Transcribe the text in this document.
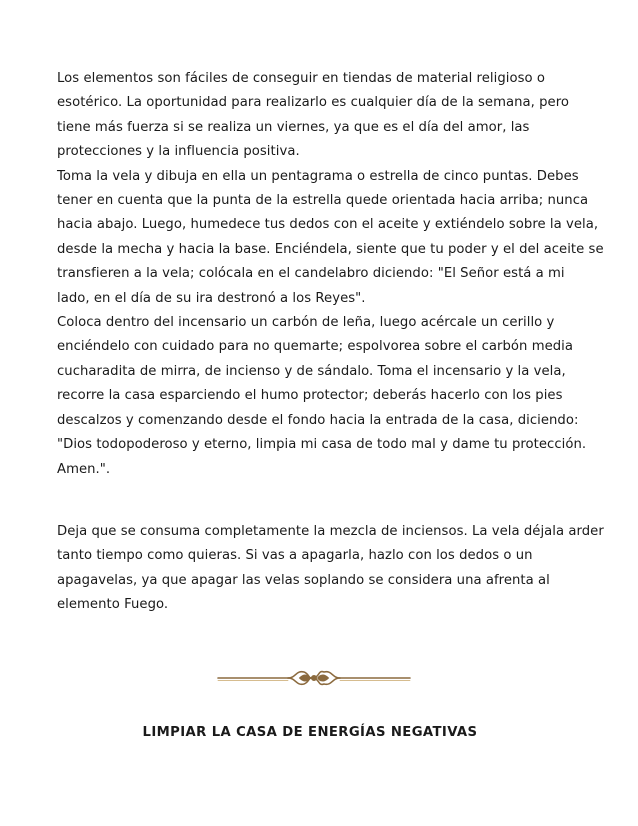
Los elementos son fáciles de conseguir en tiendas de material religioso o
esotérico. La oportunidad para realizarlo es cualquier día de la semana, pero
tiene más fuerza si se realiza un viernes, ya que es el día del amor, las
protecciones y la influencia positiva.
Toma la vela y dibuja en ella un pentagrama o estrella de cinco puntas. Debes
tener en cuenta que la punta de la estrella quede orientada hacia arriba; nunca
hacia abajo. Luego, humedece tus dedos con el aceite y extiéndelo sobre la vela,
desde la mecha y hacia la base. Enciéndela, siente que tu poder y el del aceite se
transfieren a la vela; colócala en el candelabro diciendo: "El Señor está a mi
lado, en el día de su ira destronó a los Reyes".
Coloca dentro del incensario un carbón de leña, luego acércale un cerillo y
enciéndelo con cuidado para no quemarte; espolvorea sobre el carbón media
cucharadita de mirra, de incienso y de sándalo. Toma el incensario y la vela,
recorre la casa esparciendo el humo protector; deberás hacerlo con los pies
descalzos y comenzando desde el fondo hacia la entrada de la casa, diciendo:
"Dios todopoderoso y eterno, limpia mi casa de todo mal y dame tu protección.
Amen.".
Deja que se consuma completamente la mezcla de inciensos. La vela déjala arder
tanto tiempo como quieras. Si vas a apagarla, hazlo con los dedos o un
apagavelas, ya que apagar las velas soplando se considera una afrenta al
elemento Fuego.
LIMPIAR LA CASA DE ENERGÍAS NEGATIVAS
